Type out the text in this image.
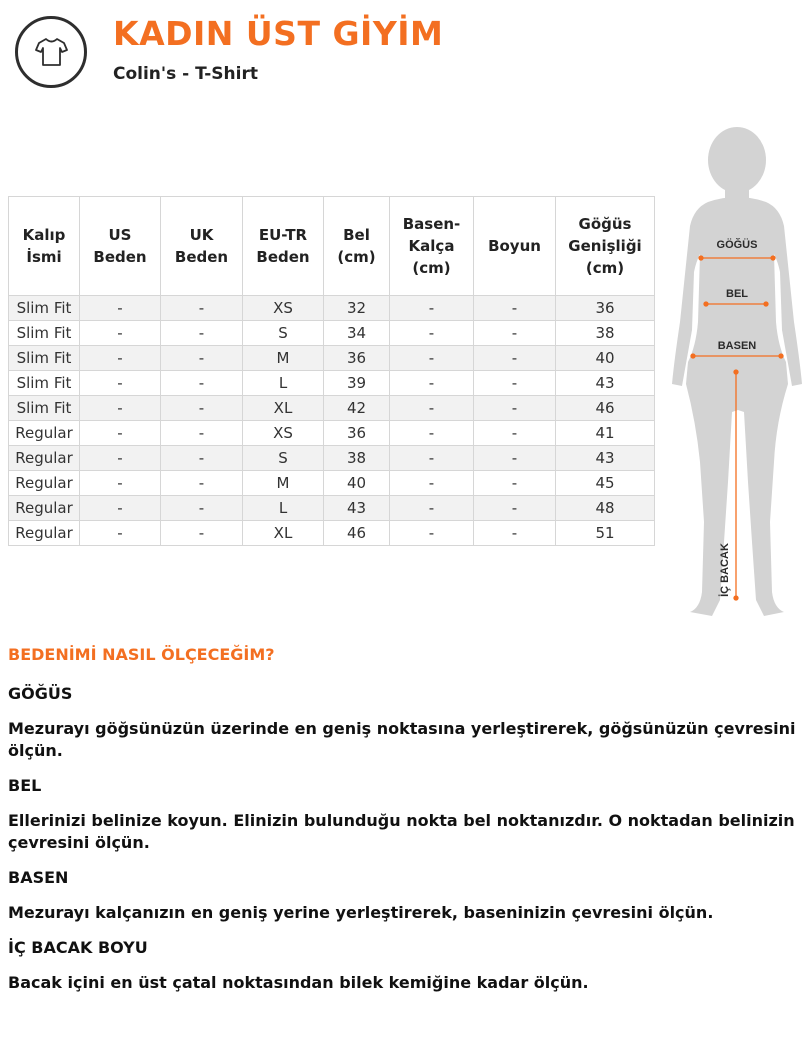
KADIN ÜST GİYİM
Colin's - T-Shirt
Kalıp İsmi	US Beden	UK Beden	EU-TR Beden	Bel (cm)	Basen-Kalça (cm)	Boyun	Göğüs Genişliği (cm)
Slim Fit	-	-	XS	32	-	-	36
Slim Fit	-	-	S	34	-	-	38
Slim Fit	-	-	M	36	-	-	40
Slim Fit	-	-	L	39	-	-	43
Slim Fit	-	-	XL	42	-	-	46
Regular	-	-	XS	36	-	-	41
Regular	-	-	S	38	-	-	43
Regular	-	-	M	40	-	-	45
Regular	-	-	L	43	-	-	48
Regular	-	-	XL	46	-	-	51
GÖĞÜS
BEL
BASEN
İÇ BACAK
BEDENİMİ NASIL ÖLÇECEĞİM?
GÖĞÜS

Mezurayı göğsünüzün üzerinde en geniş noktasına yerleştirerek, göğsünüzün çevresini ölçün.

BEL

Ellerinizi belinize koyun. Elinizin bulunduğu nokta bel noktanızdır. O noktadan belinizin çevresini ölçün.

BASEN

Mezurayı kalçanızın en geniş yerine yerleştirerek, baseninizin çevresini ölçün.

İÇ BACAK BOYU

Bacak içini en üst çatal noktasından bilek kemiğine kadar ölçün.
